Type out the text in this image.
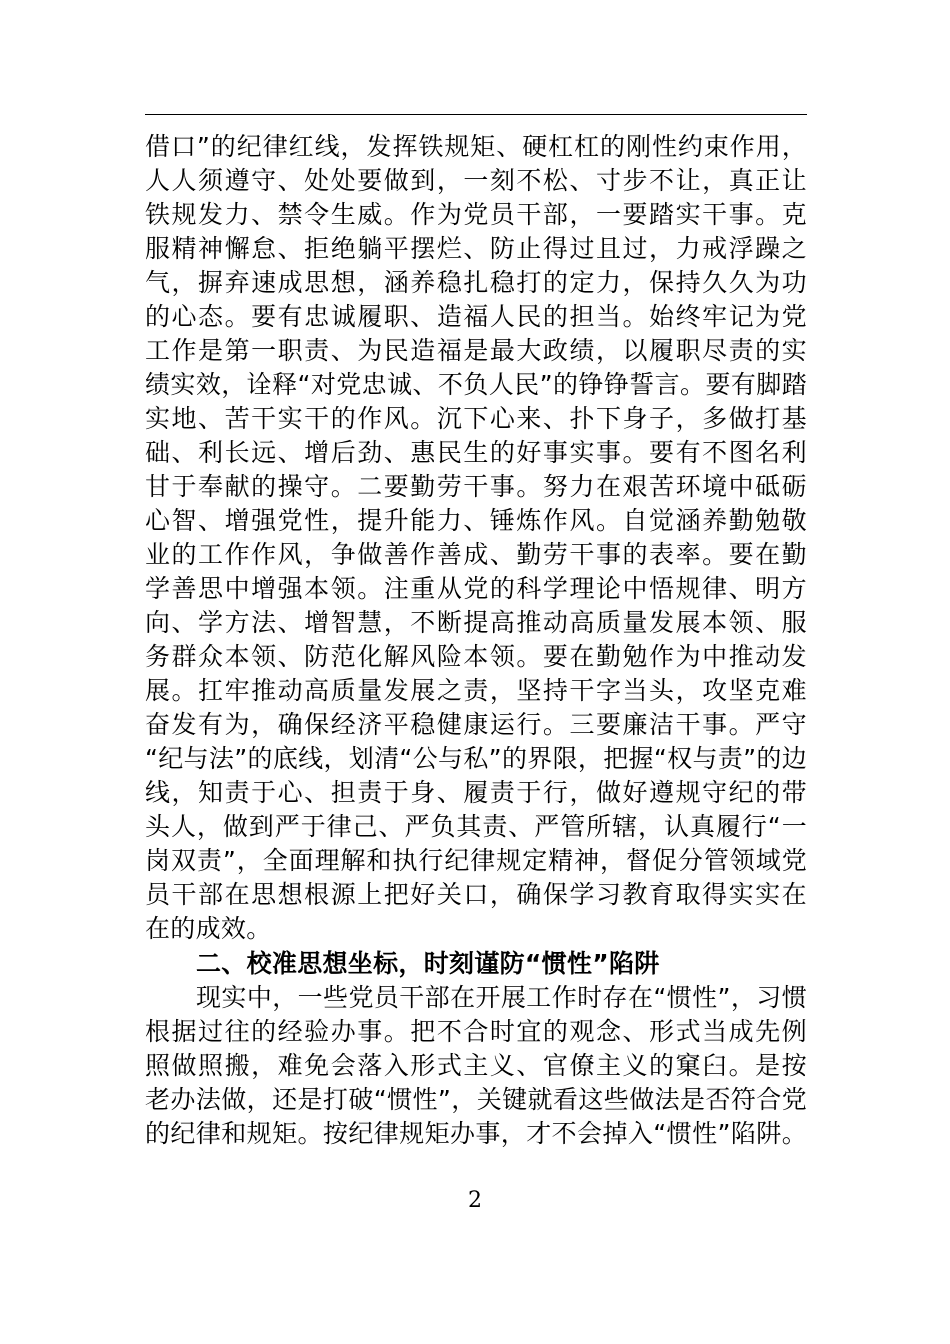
借口”的纪律红线，发挥铁规矩、硬杠杠的刚性约束作用，
人人须遵守、处处要做到，一刻不松、寸步不让，真正让
铁规发力、禁令生威。作为党员干部，一要踏实干事。克
服精神懈怠、拒绝躺平摆烂、防止得过且过，力戒浮躁之
气，摒弃速成思想，涵养稳扎稳打的定力，保持久久为功
的心态。要有忠诚履职、造福人民的担当。始终牢记为党
工作是第一职责、为民造福是最大政绩，以履职尽责的实
绩实效，诠释“对党忠诚、不负人民”的铮铮誓言。要有脚踏
实地、苦干实干的作风。沉下心来、扑下身子，多做打基
础、利长远、增后劲、惠民生的好事实事。要有不图名利
甘于奉献的操守。二要勤劳干事。努力在艰苦环境中砥砺
心智、增强党性，提升能力、锤炼作风。自觉涵养勤勉敬
业的工作作风，争做善作善成、勤劳干事的表率。要在勤
学善思中增强本领。注重从党的科学理论中悟规律、明方
向、学方法、增智慧，不断提高推动高质量发展本领、服
务群众本领、防范化解风险本领。要在勤勉作为中推动发
展。扛牢推动高质量发展之责，坚持干字当头，攻坚克难
奋发有为，确保经济平稳健康运行。三要廉洁干事。严守
“纪与法”的底线，划清“公与私”的界限，把握“权与责”的边
线，知责于心、担责于身、履责于行，做好遵规守纪的带
头人，做到严于律己、严负其责、严管所辖，认真履行“一
岗双责”，全面理解和执行纪律规定精神，督促分管领域党
员干部在思想根源上把好关口，确保学习教育取得实实在
在的成效。
二、校准思想坐标，时刻谨防“惯性”陷阱
现实中，一些党员干部在开展工作时存在“惯性”，习惯
根据过往的经验办事。把不合时宜的观念、形式当成先例
照做照搬，难免会落入形式主义、官僚主义的窠臼。是按
老办法做，还是打破“惯性”，关键就看这些做法是否符合党
的纪律和规矩。按纪律规矩办事，才不会掉入“惯性”陷阱。
2
